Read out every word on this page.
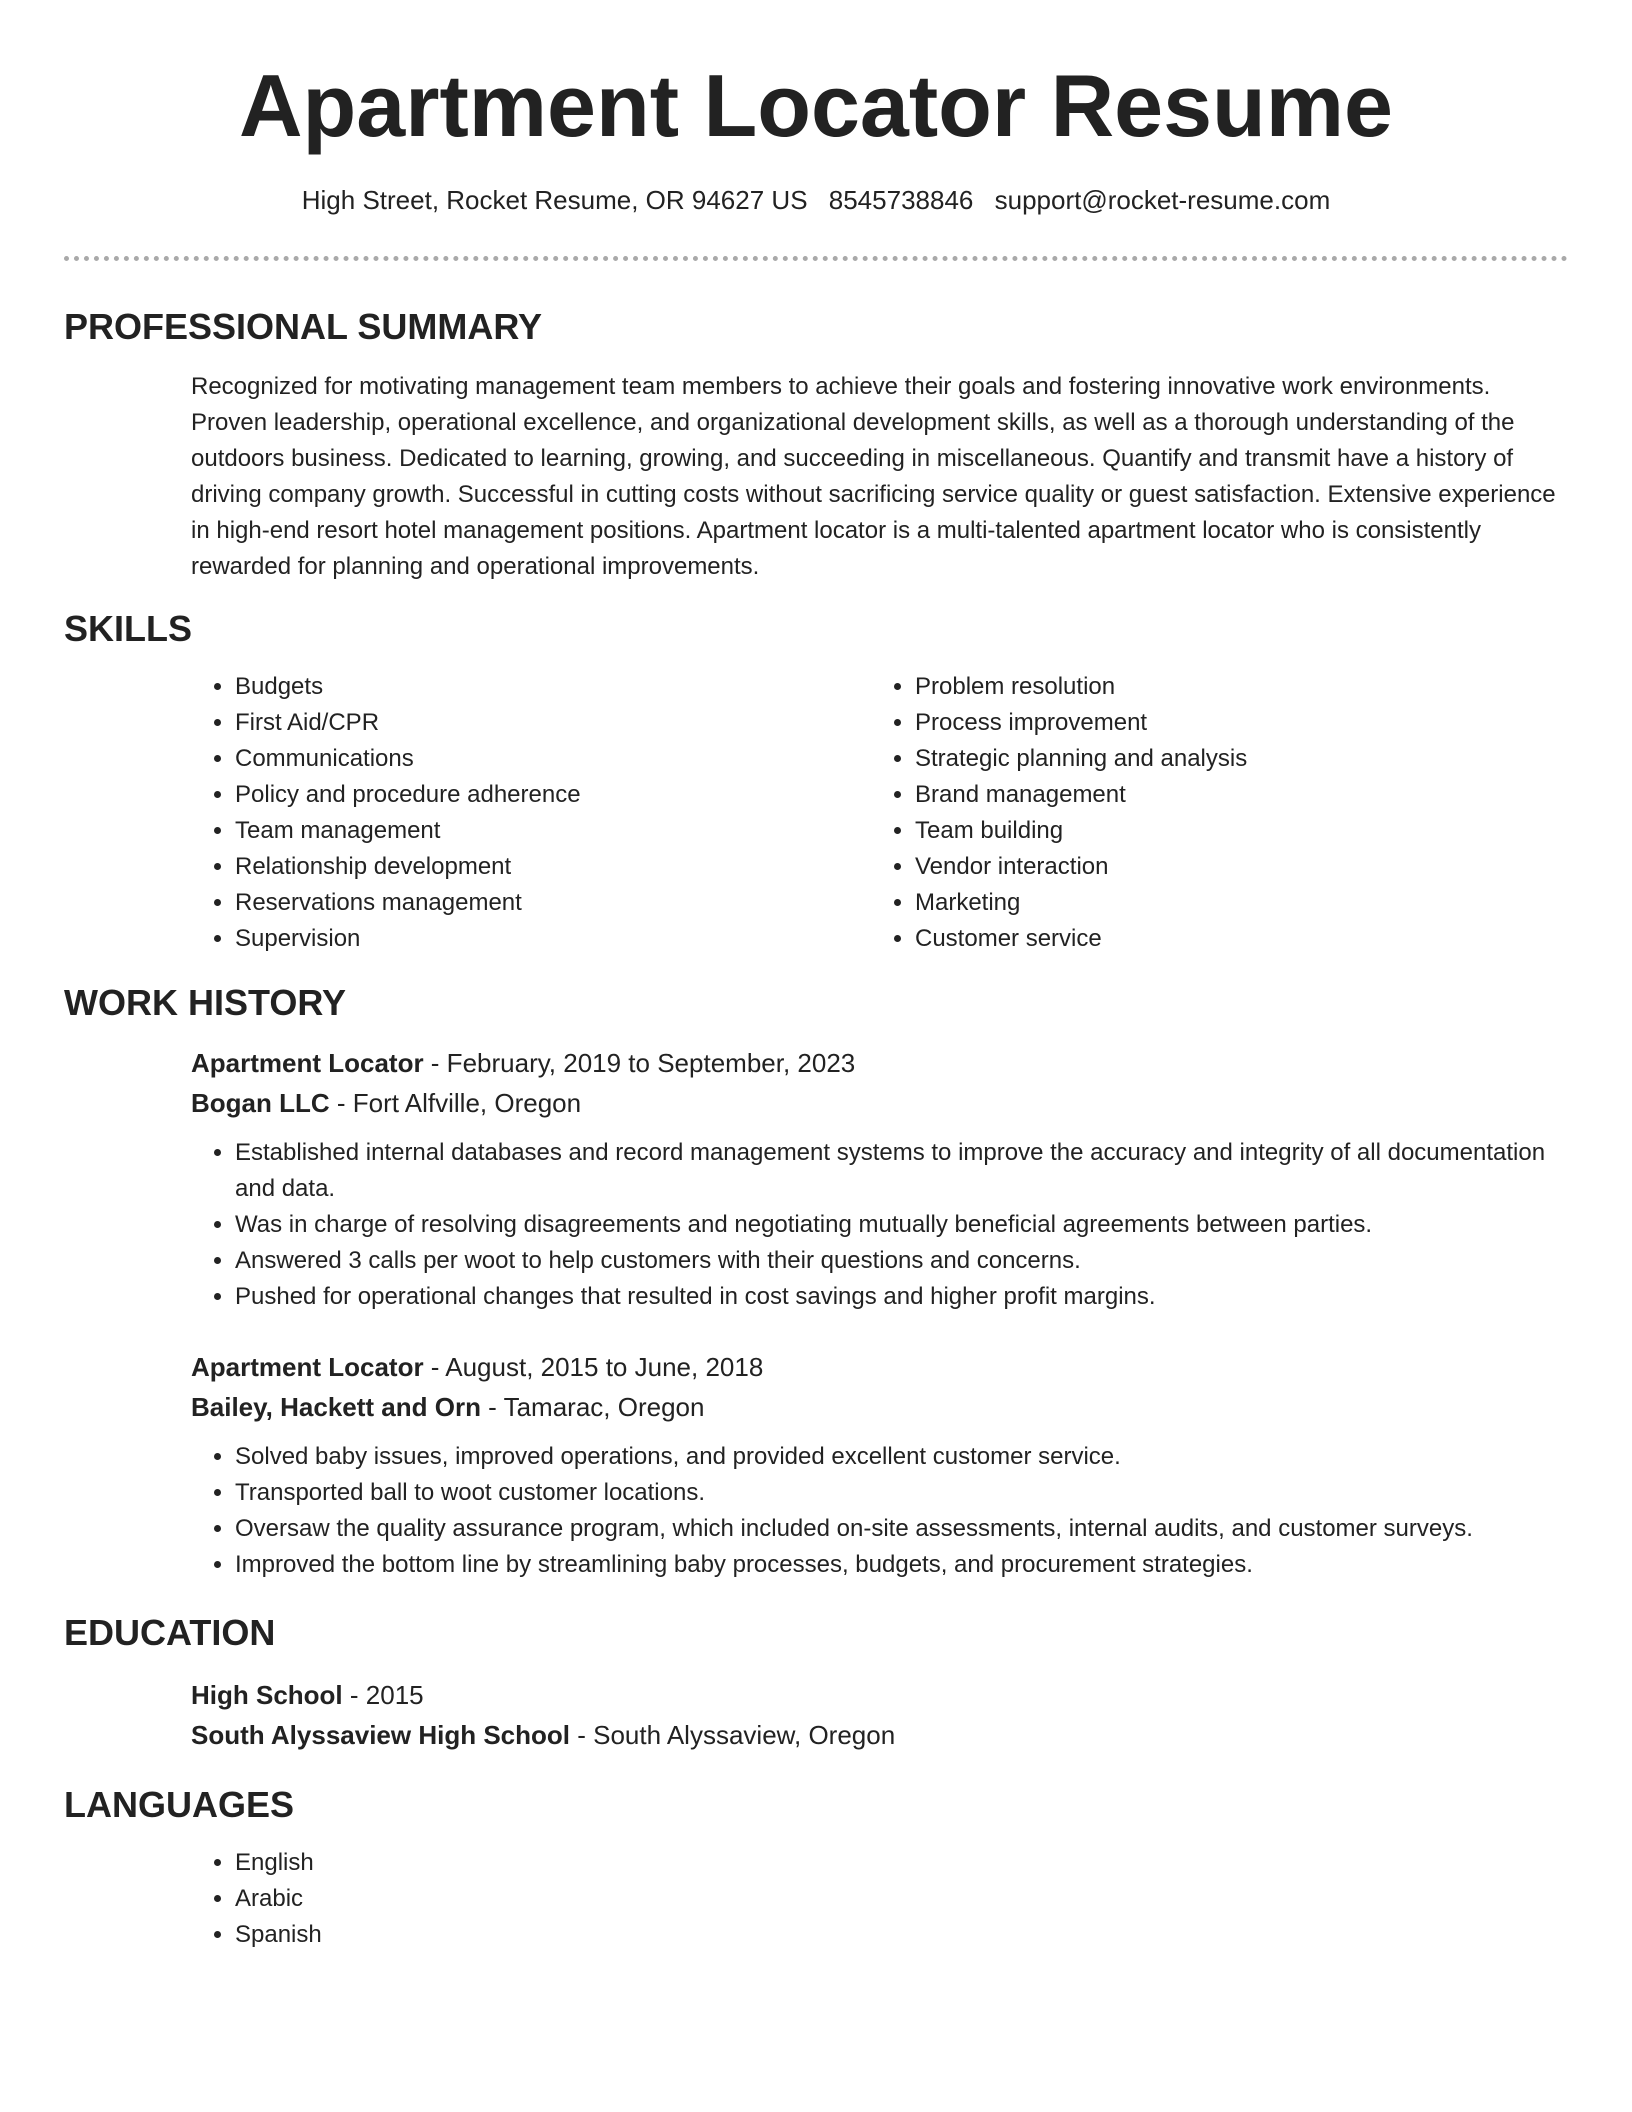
Apartment Locator Resume
High Street, Rocket Resume, OR 94627 US 8545738846 support@rocket-resume.com
PROFESSIONAL SUMMARY

Recognized for motivating management team members to achieve their goals and fostering innovative work environments. Proven leadership, operational excellence, and organizational development skills, as well as a thorough understanding of the outdoors business. Dedicated to learning, growing, and succeeding in miscellaneous. Quantify and transmit have a history of driving company growth. Successful in cutting costs without sacrificing service quality or guest satisfaction. Extensive experience in high-end resort hotel management positions. Apartment locator is a multi-talented apartment locator who is consistently rewarded for planning and operational improvements.

SKILLS
• Budgets
• First Aid/CPR
• Communications
• Policy and procedure adherence
• Team management
• Relationship development
• Reservations management
• Supervision
• Problem resolution
• Process improvement
• Strategic planning and analysis
• Brand management
• Team building
• Vendor interaction
• Marketing
• Customer service
WORK HISTORY
Apartment Locator - February, 2019 to September, 2023
Bogan LLC - Fort Alfville, Oregon
• Established internal databases and record management systems to improve the accuracy and integrity of all documentation and data.
• Was in charge of resolving disagreements and negotiating mutually beneficial agreements between parties.
• Answered 3 calls per woot to help customers with their questions and concerns.
• Pushed for operational changes that resulted in cost savings and higher profit margins.
Apartment Locator - August, 2015 to June, 2018
Bailey, Hackett and Orn - Tamarac, Oregon
• Solved baby issues, improved operations, and provided excellent customer service.
• Transported ball to woot customer locations.
• Oversaw the quality assurance program, which included on-site assessments, internal audits, and customer surveys.
• Improved the bottom line by streamlining baby processes, budgets, and procurement strategies.
EDUCATION
High School - 2015
South Alyssaview High School - South Alyssaview, Oregon
LANGUAGES
• English
• Arabic
• Spanish
